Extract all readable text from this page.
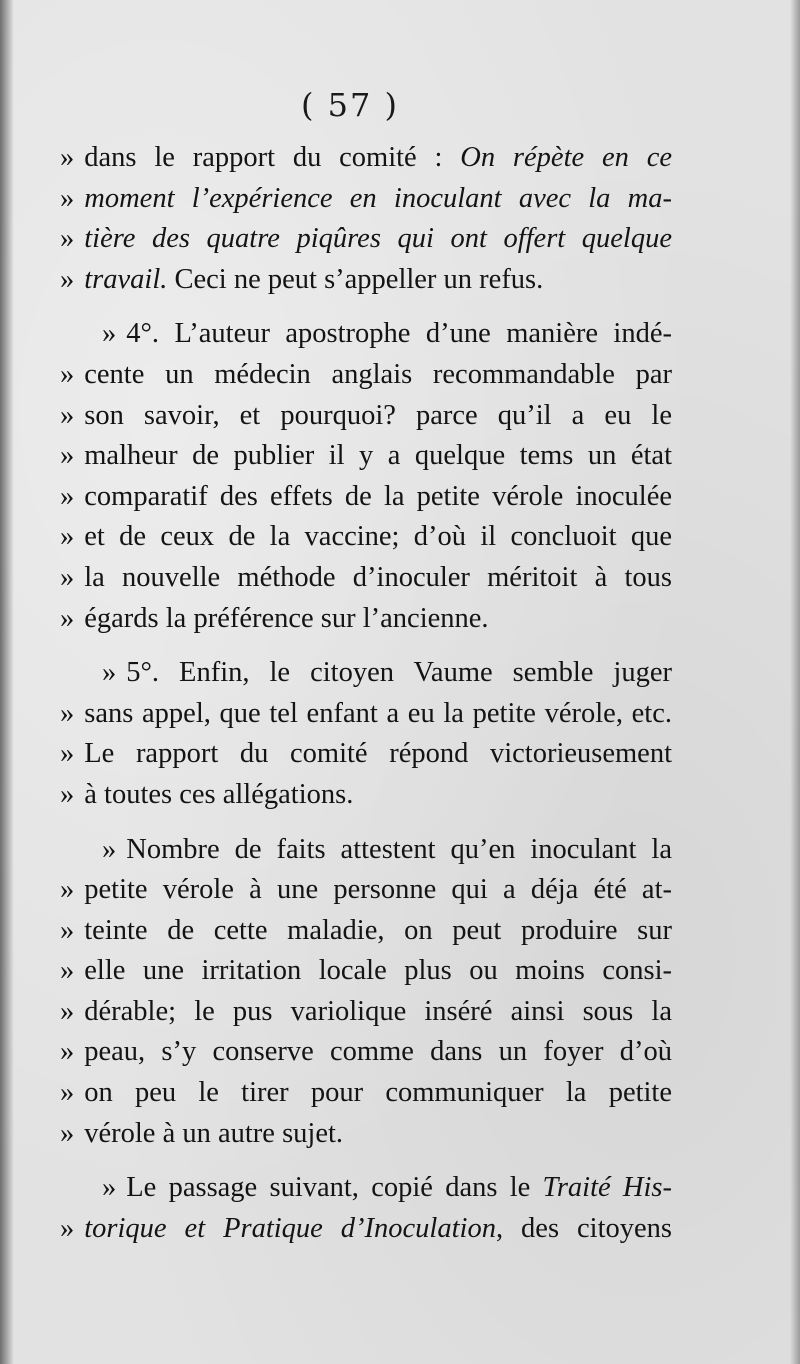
( 57 )
» dans le rapport du comité : On répète en ce
» moment l’expérience en inoculant avec la ma-
» tière des quatre piqûres qui ont offert quelque
» travail. Ceci ne peut s’appeller un refus.
» 4°. L’auteur apostrophe d’une manière indé-
» cente un médecin anglais recommandable par
» son savoir, et pourquoi? parce qu’il a eu le
» malheur de publier il y a quelque tems un état
» comparatif des effets de la petite vérole inoculée
» et de ceux de la vaccine; d’où il concluoit que
» la nouvelle méthode d’inoculer méritoit à tous
» égards la préférence sur l’ancienne.
» 5°. Enfin, le citoyen Vaume semble juger
» sans appel, que tel enfant a eu la petite vérole, etc.
» Le rapport du comité répond victorieusement
» à toutes ces allégations.
» Nombre de faits attestent qu’en inoculant la
» petite vérole à une personne qui a déja été at-
» teinte de cette maladie, on peut produire sur
» elle une irritation locale plus ou moins consi-
» dérable; le pus variolique inséré ainsi sous la
» peau, s’y conserve comme dans un foyer d’où
» on peu le tirer pour communiquer la petite
» vérole à un autre sujet.
» Le passage suivant, copié dans le Traité His-
» torique et Pratique d’Inoculation, des citoyens
